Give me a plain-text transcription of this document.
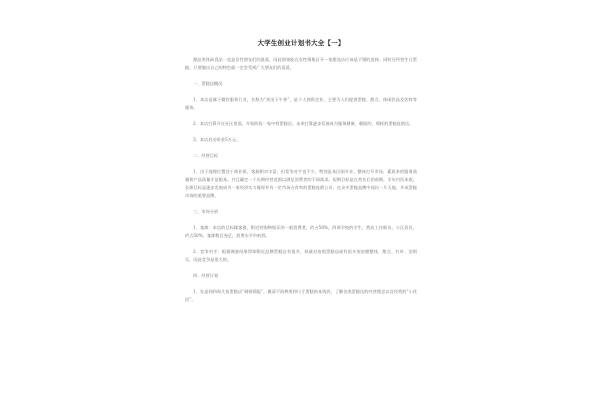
大学生创业计划书大全【一】

甜品类休闲食品一直是女性朋友们的最爱，因此如果能在女性聚集区开一家甜品店应该是不错的选择。同时还经营生日蛋糕，只要做出自己的特色就一定会受到广大朋友们的喜爱。

一、蛋糕店概况

1、本店是属于餐饮服务行业，名称为“麦田下午茶”，是个人独资企业。主要为人们提供蛋糕、甜点、休闲饮品及饮料等服务。

2、本店打算开在社区里面，开始阶段一家中档蛋糕店。未来打算逐步发展成为服务健康、朝阳的、那样的蛋糕连锁店。

3、本店启动资金5万元。

二、经营目标

1、由于地理位置处于商业街，客源相对丰富，但竞争对手也不少，特别是本区刚开业。整体打开市场，素质来的服务质量和产品质量才是根本。并且确定一个长期经营范围以满足消费者的不同需求。短期目标是在营业后的前期，半年内回本收，长期目标是逐步发展成为一家经济实力雄厚并有一定市场占有率的蛋糕连锁公司，在众多蛋糕品牌中闯出一片天地，并成蛋糕市场的重要品牌。

三、市场分析

1、客源：本店的目标顾客群，附近有购物娱乐的一般消费者，约占50%，四周学校的学生、我店工作职员、小区居民，约占50%，客源数目充足，消费水平中低档。

2、竞争对手：根据调查结果得知附近品牌蛋糕店有很多，权威对连锁蛋糕店或有很多加安健整体，甜点、红叶、安琪乐，因此竞争是很大的。

四、经营计划

1、先是到四周几家蛋糕店“刺探情报”，摸清不同种类和尺寸蛋糕的本钱价，了解各类蛋糕店的经营理念以及经营的“小花招”。
